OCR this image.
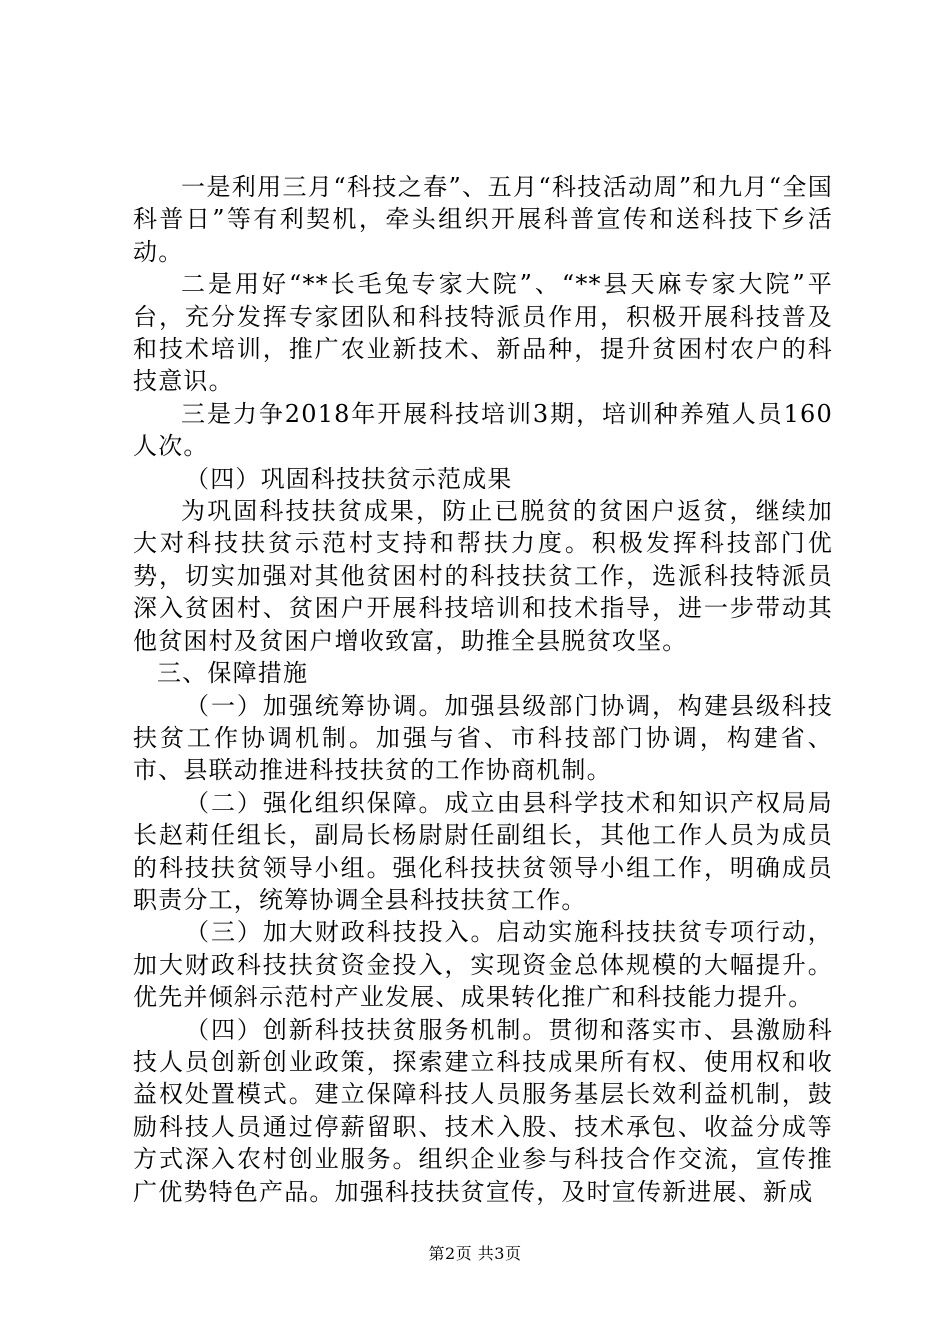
一是利用三月“科技之春”、五月“科技活动周”和九月“全国科普日”等有利契机，牵头组织开展科普宣传和送科技下乡活动。

二是用好“**长毛兔专家大院”、“**县天麻专家大院”平台，充分发挥专家团队和科技特派员作用，积极开展科技普及和技术培训，推广农业新技术、新品种，提升贫困村农户的科技意识。

三是力争2018年开展科技培训3期，培训种养殖人员160人次。

（四）巩固科技扶贫示范成果

为巩固科技扶贫成果，防止已脱贫的贫困户返贫，继续加大对科技扶贫示范村支持和帮扶力度。积极发挥科技部门优势，切实加强对其他贫困村的科技扶贫工作，选派科技特派员深入贫困村、贫困户开展科技培训和技术指导，进一步带动其他贫困村及贫困户增收致富，助推全县脱贫攻坚。

三、保障措施

（一）加强统筹协调。加强县级部门协调，构建县级科技扶贫工作协调机制。加强与省、市科技部门协调，构建省、市、县联动推进科技扶贫的工作协商机制。

（二）强化组织保障。成立由县科学技术和知识产权局局长赵莉任组长，副局长杨尉尉任副组长，其他工作人员为成员的科技扶贫领导小组。强化科技扶贫领导小组工作，明确成员职责分工，统筹协调全县科技扶贫工作。

（三）加大财政科技投入。启动实施科技扶贫专项行动，加大财政科技扶贫资金投入，实现资金总体规模的大幅提升。优先并倾斜示范村产业发展、成果转化推广和科技能力提升。

（四）创新科技扶贫服务机制。贯彻和落实市、县激励科技人员创新创业政策，探索建立科技成果所有权、使用权和收益权处置模式。建立保障科技人员服务基层长效利益机制，鼓励科技人员通过停薪留职、技术入股、技术承包、收益分成等方式深入农村创业服务。组织企业参与科技合作交流，宣传推广优势特色产品。加强科技扶贫宣传，及时宣传新进展、新成

第2页 共3页
